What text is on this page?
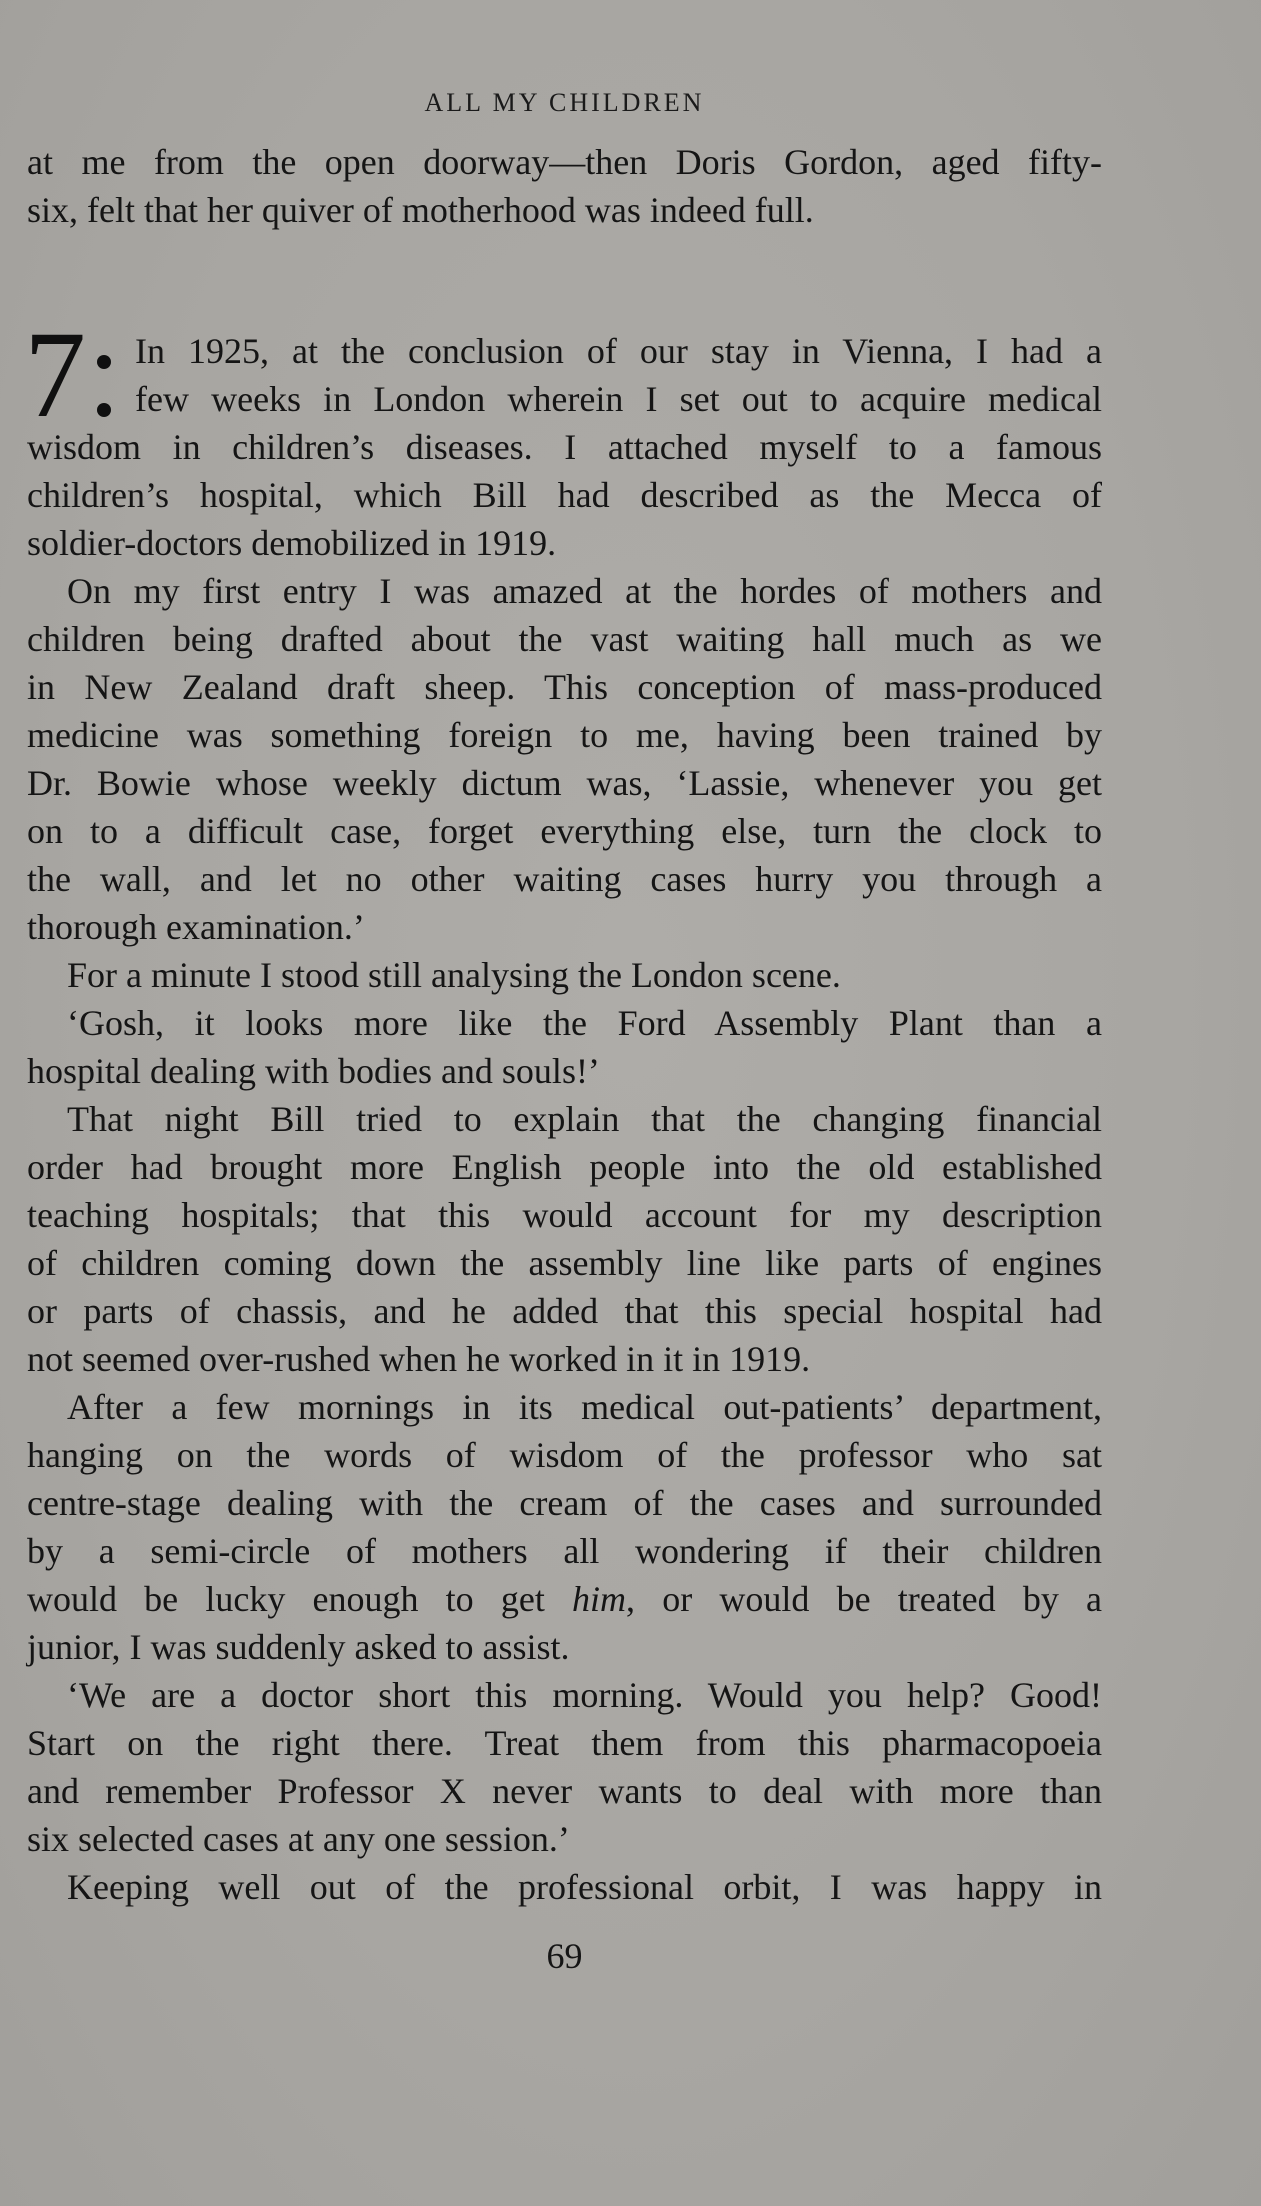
ALL MY CHILDREN
at me from the open doorway—then Doris Gordon, aged fifty-
six, felt that her quiver of motherhood was indeed full.
7 In 1925, at the conclusion of our stay in Vienna, I had a
few weeks in London wherein I set out to acquire medical
wisdom in children’s diseases. I attached myself to a famous
children’s hospital, which Bill had described as the Mecca of
soldier-doctors demobilized in 1919.
On my first entry I was amazed at the hordes of mothers and
children being drafted about the vast waiting hall much as we
in New Zealand draft sheep. This conception of mass-produced
medicine was something foreign to me, having been trained by
Dr. Bowie whose weekly dictum was, ‘Lassie, whenever you get
on to a difficult case, forget everything else, turn the clock to
the wall, and let no other waiting cases hurry you through a
thorough examination.’
For a minute I stood still analysing the London scene.
‘Gosh, it looks more like the Ford Assembly Plant than a
hospital dealing with bodies and souls!’
That night Bill tried to explain that the changing financial
order had brought more English people into the old established
teaching hospitals; that this would account for my description
of children coming down the assembly line like parts of engines
or parts of chassis, and he added that this special hospital had
not seemed over-rushed when he worked in it in 1919.
After a few mornings in its medical out-patients’ department,
hanging on the words of wisdom of the professor who sat
centre-stage dealing with the cream of the cases and surrounded
by a semi-circle of mothers all wondering if their children
would be lucky enough to get him, or would be treated by a
junior, I was suddenly asked to assist.
‘We are a doctor short this morning. Would you help? Good!
Start on the right there. Treat them from this pharmacopoeia
and remember Professor X never wants to deal with more than
six selected cases at any one session.’
Keeping well out of the professional orbit, I was happy in
69
